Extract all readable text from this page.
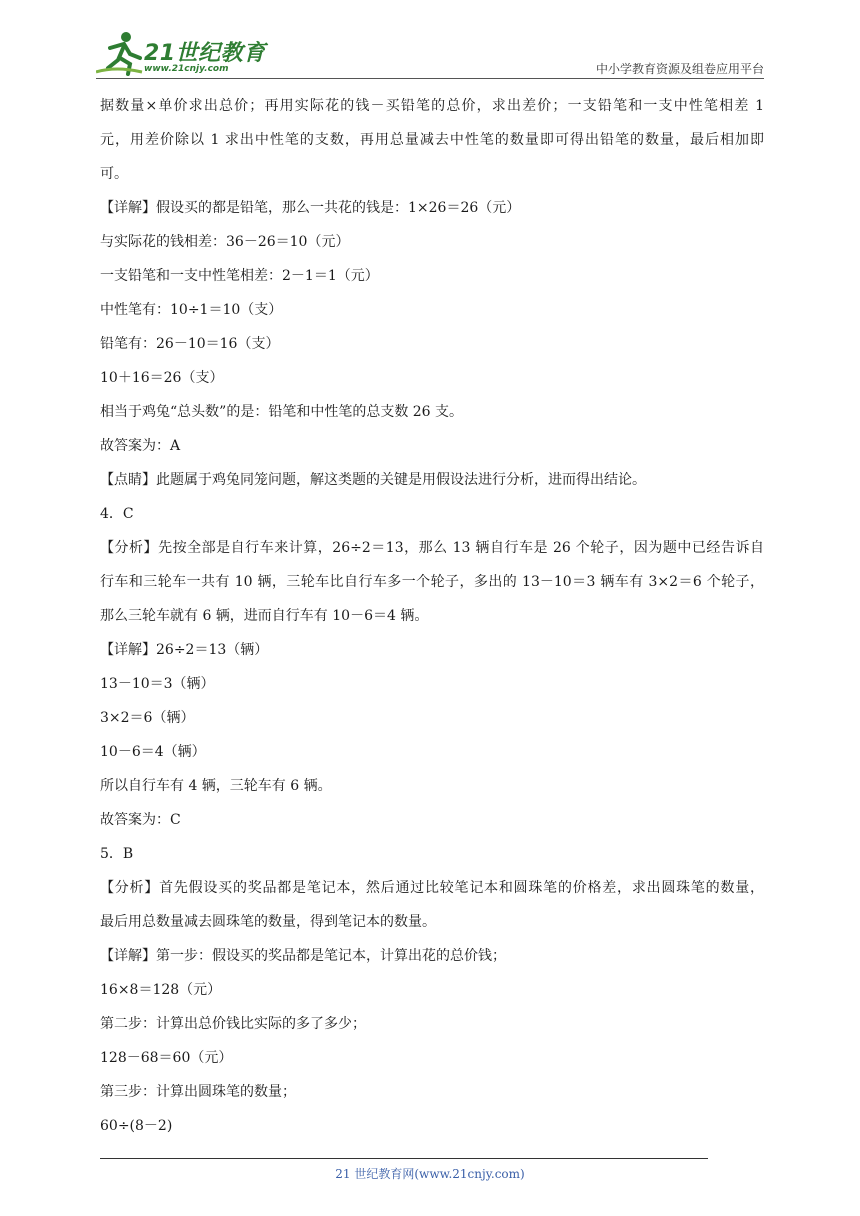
21世纪教育
www.21cnjy.com	中小学教育资源及组卷应用平台
据数量×单价求出总价；再用实际花的钱－买铅笔的总价，求出差价；一支铅笔和一支中性笔相差 1
元，用差价除以 1 求出中性笔的支数，再用总量减去中性笔的数量即可得出铅笔的数量，最后相加即
可。
【详解】假设买的都是铅笔，那么一共花的钱是：1×26＝26（元）
与实际花的钱相差：36－26＝10（元）
一支铅笔和一支中性笔相差：2－1＝1（元）
中性笔有：10÷1＝10（支）
铅笔有：26－10＝16（支）
10＋16＝26（支）
相当于鸡兔“总头数”的是：铅笔和中性笔的总支数 26 支。
故答案为：A
【点睛】此题属于鸡兔同笼问题，解这类题的关键是用假设法进行分析，进而得出结论。
4．C
【分析】先按全部是自行车来计算，26÷2＝13，那么 13 辆自行车是 26 个轮子，因为题中已经告诉自
行车和三轮车一共有 10 辆，三轮车比自行车多一个轮子，多出的 13－10＝3 辆车有 3×2＝6 个轮子，
那么三轮车就有 6 辆，进而自行车有 10－6＝4 辆。
【详解】26÷2＝13（辆）
13－10＝3（辆）
3×2＝6（辆）
10－6＝4（辆）
所以自行车有 4 辆，三轮车有 6 辆。
故答案为：C
5．B
【分析】首先假设买的奖品都是笔记本，然后通过比较笔记本和圆珠笔的价格差，求出圆珠笔的数量，
最后用总数量减去圆珠笔的数量，得到笔记本的数量。
【详解】第一步：假设买的奖品都是笔记本，计算出花的总价钱；
16×8＝128（元）
第二步：计算出总价钱比实际的多了多少；
128－68＝60（元）
第三步：计算出圆珠笔的数量；
60÷(8－2)
21 世纪教育网(www.21cnjy.com)
